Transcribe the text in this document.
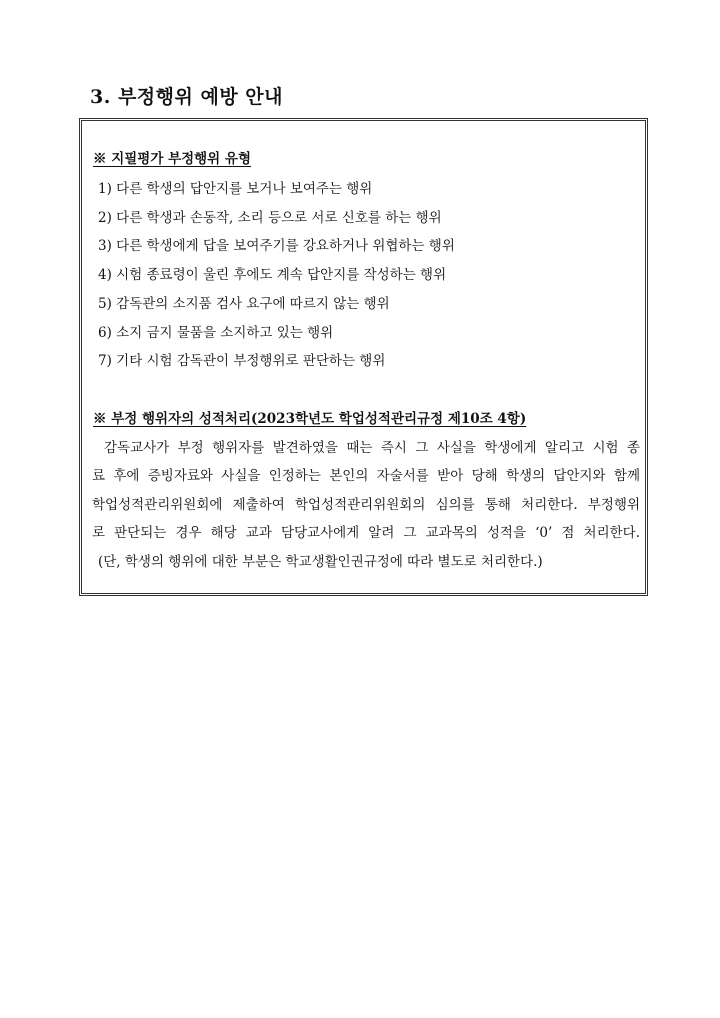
3. 부정행위 예방 안내

※ 지필평가 부정행위 유형

1) 다른 학생의 답안지를 보거나 보여주는 행위
2) 다른 학생과 손동작, 소리 등으로 서로 신호를 하는 행위
3) 다른 학생에게 답을 보여주기를 강요하거나 위협하는 행위
4) 시험 종료령이 울린 후에도 계속 답안지를 작성하는 행위
5) 감독관의 소지품 검사 요구에 따르지 않는 행위
6) 소지 금지 물품을 소지하고 있는 행위
7) 기타 시험 감독관이 부정행위로 판단하는 행위

※ 부정 행위자의 성적처리(2023학년도 학업성적관리규정 제10조 4항)

감독교사가 부정 행위자를 발견하였을 때는 즉시 그 사실을 학생에게 알리고 시험 종
료 후에 증빙자료와 사실을 인정하는 본인의 자술서를 받아 당해 학생의 답안지와 함께
학업성적관리위원회에 제출하여 학업성적관리위원회의 심의를 통해 처리한다. 부정행위
로 판단되는 경우 해당 교과 담당교사에게 알려 그 교과목의 성적을 ‘0’ 점 처리한다.
(단, 학생의 행위에 대한 부분은 학교생활인권규정에 따라 별도로 처리한다.)
